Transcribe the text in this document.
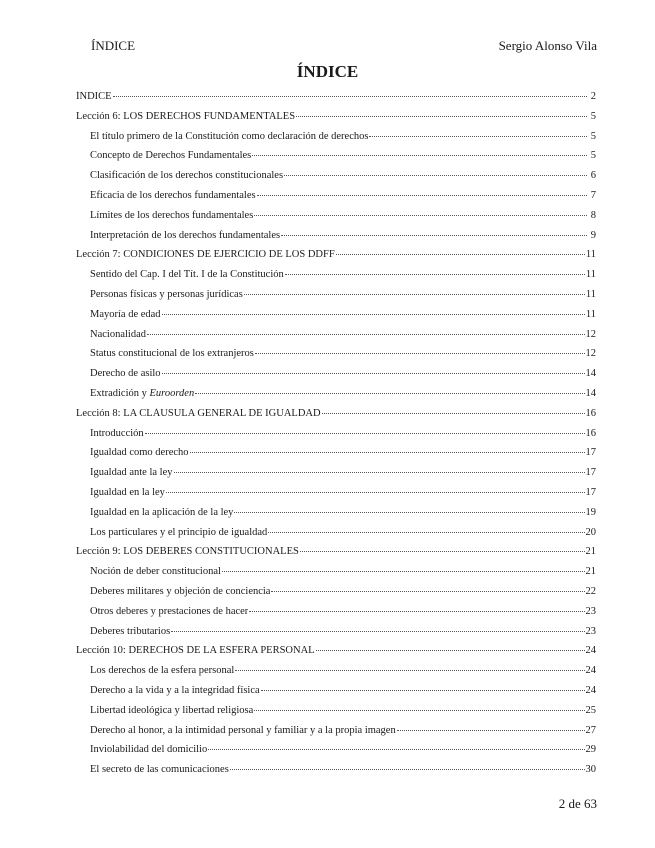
ÍNDICE	Sergio Alonso Vila
ÍNDICE
ÍNDICE	2
Lección 6: LOS DERECHOS FUNDAMENTALES	5
El título primero de la Constitución como declaración de derechos	5
Concepto de Derechos Fundamentales	5
Clasificación de los derechos constitucionales	6
Eficacia de los derechos fundamentales	7
Límites de los derechos fundamentales	8
Interpretación de los derechos fundamentales	9
Lección 7: CONDICIONES DE EJERCICIO DE LOS DDFF	11
Sentido del Cap. I del Tít. I de la Constitución	11
Personas físicas y personas jurídicas	11
Mayoría de edad	11
Nacionalidad	12
Status constitucional de los extranjeros	12
Derecho de asilo	14
Extradición y Euroorden	14
Lección 8: LA CLÁUSULA GENERAL DE IGUALDAD	16
Introducción	16
Igualdad como derecho	17
Igualdad ante la ley	17
Igualdad en la ley	17
Igualdad en la aplicación de la ley	19
Los particulares y el principio de igualdad	20
Lección 9: LOS DEBERES CONSTITUCIONALES	21
Noción de deber constitucional	21
Deberes militares y objeción de conciencia	22
Otros deberes y prestaciones de hacer	23
Deberes tributarios	23
Lección 10: DERECHOS DE LA ESFERA PERSONAL	24
Los derechos de la esfera personal	24
Derecho a la vida y a la integridad física	24
Libertad ideológica y libertad religiosa	25
Derecho al honor, a la intimidad personal y familiar y a la propia imagen	27
Inviolabilidad del domicilio	29
El secreto de las comunicaciones	30
2 de 63
